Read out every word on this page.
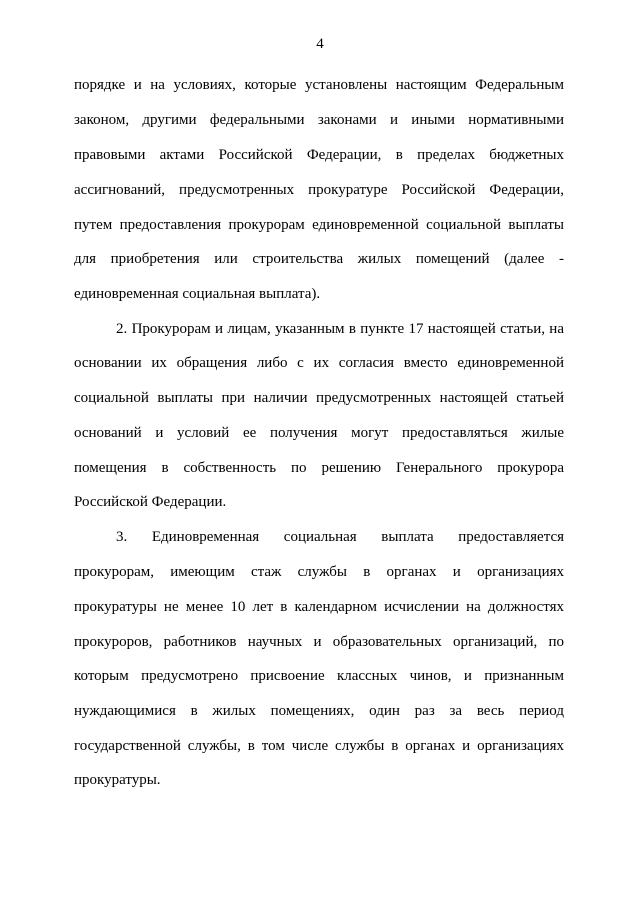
4
порядке и на условиях, которые установлены настоящим Федеральным
законом, другими федеральными законами и иными нормативными
правовыми актами Российской Федерации, в пределах бюджетных
ассигнований, предусмотренных прокуратуре Российской Федерации,
путем предоставления прокурорам единовременной социальной выплаты
для приобретения или строительства жилых помещений (далее -
единовременная социальная выплата).
2. Прокурорам и лицам, указанным в пункте 17 настоящей статьи, на
основании их обращения либо с их согласия вместо единовременной
социальной выплаты при наличии предусмотренных настоящей статьей
оснований и условий ее получения могут предоставляться жилые
помещения в собственность по решению Генерального прокурора
Российской Федерации.
3. Единовременная социальная выплата предоставляется
прокурорам, имеющим стаж службы в органах и организациях
прокуратуры не менее 10 лет в календарном исчислении на должностях
прокуроров, работников научных и образовательных организаций, по
которым предусмотрено присвоение классных чинов, и признанным
нуждающимися в жилых помещениях, один раз за весь период
государственной службы, в том числе службы в органах и организациях
прокуратуры.
